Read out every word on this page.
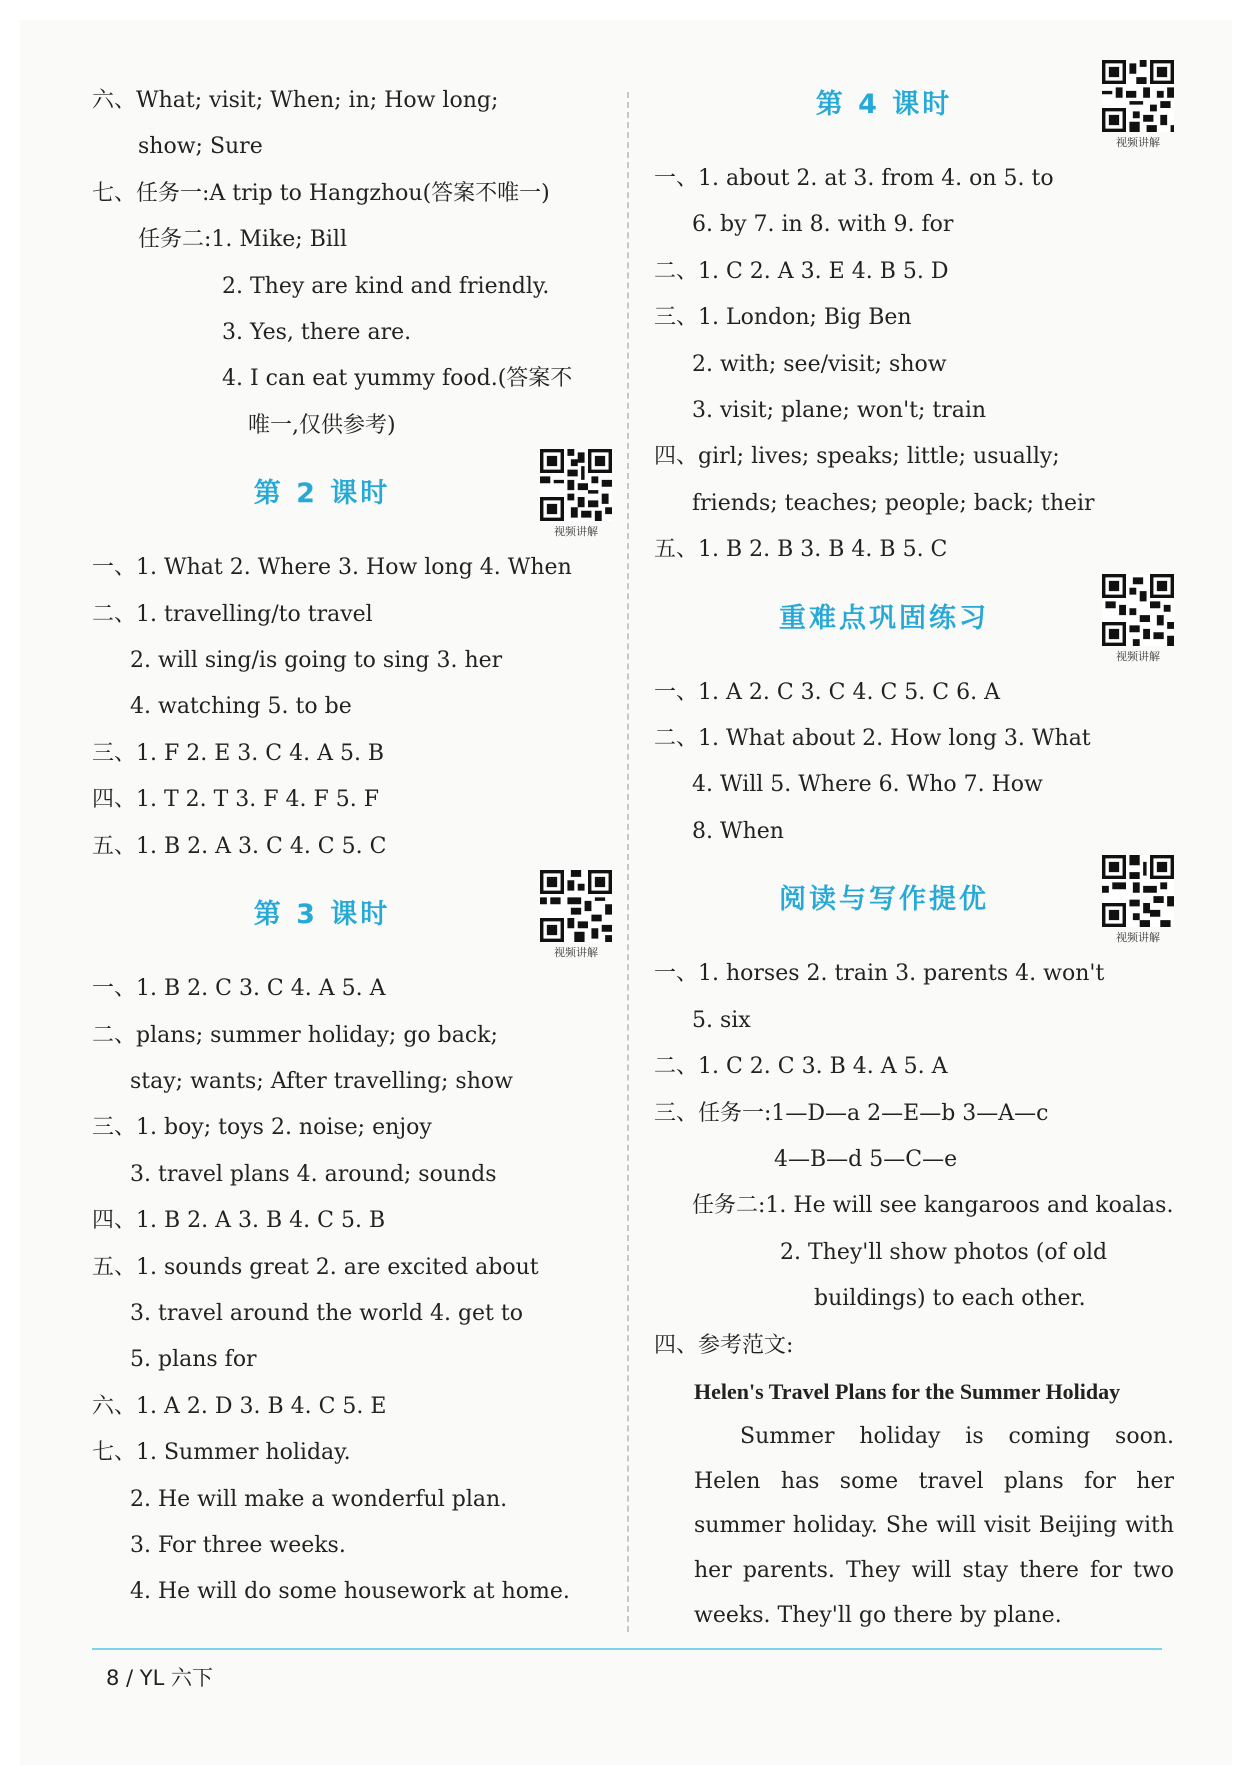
六、What; visit; When; in; How long;
show; Sure
七、任务一:A trip to Hangzhou(答案不唯一)
任务二:1. Mike; Bill
2. They are kind and friendly.
3. Yes, there are.
4. I can eat yummy food.(答案不
唯一,仅供参考)
第 2 课时
视频讲解
一、1. What 2. Where 3. How long 4. When
二、1. travelling/to travel
2. will sing/is going to sing 3. her
4. watching 5. to be
三、1. F 2. E 3. C 4. A 5. B
四、1. T 2. T 3. F 4. F 5. F
五、1. B 2. A 3. C 4. C 5. C
第 3 课时
视频讲解
一、1. B 2. C 3. C 4. A 5. A
二、plans; summer holiday; go back;
stay; wants; After travelling; show
三、1. boy; toys 2. noise; enjoy
3. travel plans 4. around; sounds
四、1. B 2. A 3. B 4. C 5. B
五、1. sounds great 2. are excited about
3. travel around the world 4. get to
5. plans for
六、1. A 2. D 3. B 4. C 5. E
七、1. Summer holiday.
2. He will make a wonderful plan.
3. For three weeks.
4. He will do some housework at home.
第 4 课时
视频讲解
一、1. about 2. at 3. from 4. on 5. to
6. by 7. in 8. with 9. for
二、1. C 2. A 3. E 4. B 5. D
三、1. London; Big Ben
2. with; see/visit; show
3. visit; plane; won't; train
四、girl; lives; speaks; little; usually;
friends; teaches; people; back; their
五、1. B 2. B 3. B 4. B 5. C
重难点巩固练习
视频讲解
一、1. A 2. C 3. C 4. C 5. C 6. A
二、1. What about 2. How long 3. What
4. Will 5. Where 6. Who 7. How
8. When
阅读与写作提优
视频讲解
一、1. horses 2. train 3. parents 4. won't
5. six
二、1. C 2. C 3. B 4. A 5. A
三、任务一:1—D—a 2—E—b 3—A—c
4—B—d 5—C—e
任务二:1. He will see kangaroos and koalas.
2. They'll show photos (of old
buildings) to each other.
四、参考范文:
Helen's Travel Plans for the Summer Holiday
Summer holiday is coming soon. Helen has some travel plans for her summer holiday. She will visit Beijing with her parents. They will stay there for two weeks. They'll go there by plane.
8 / YL 六下
